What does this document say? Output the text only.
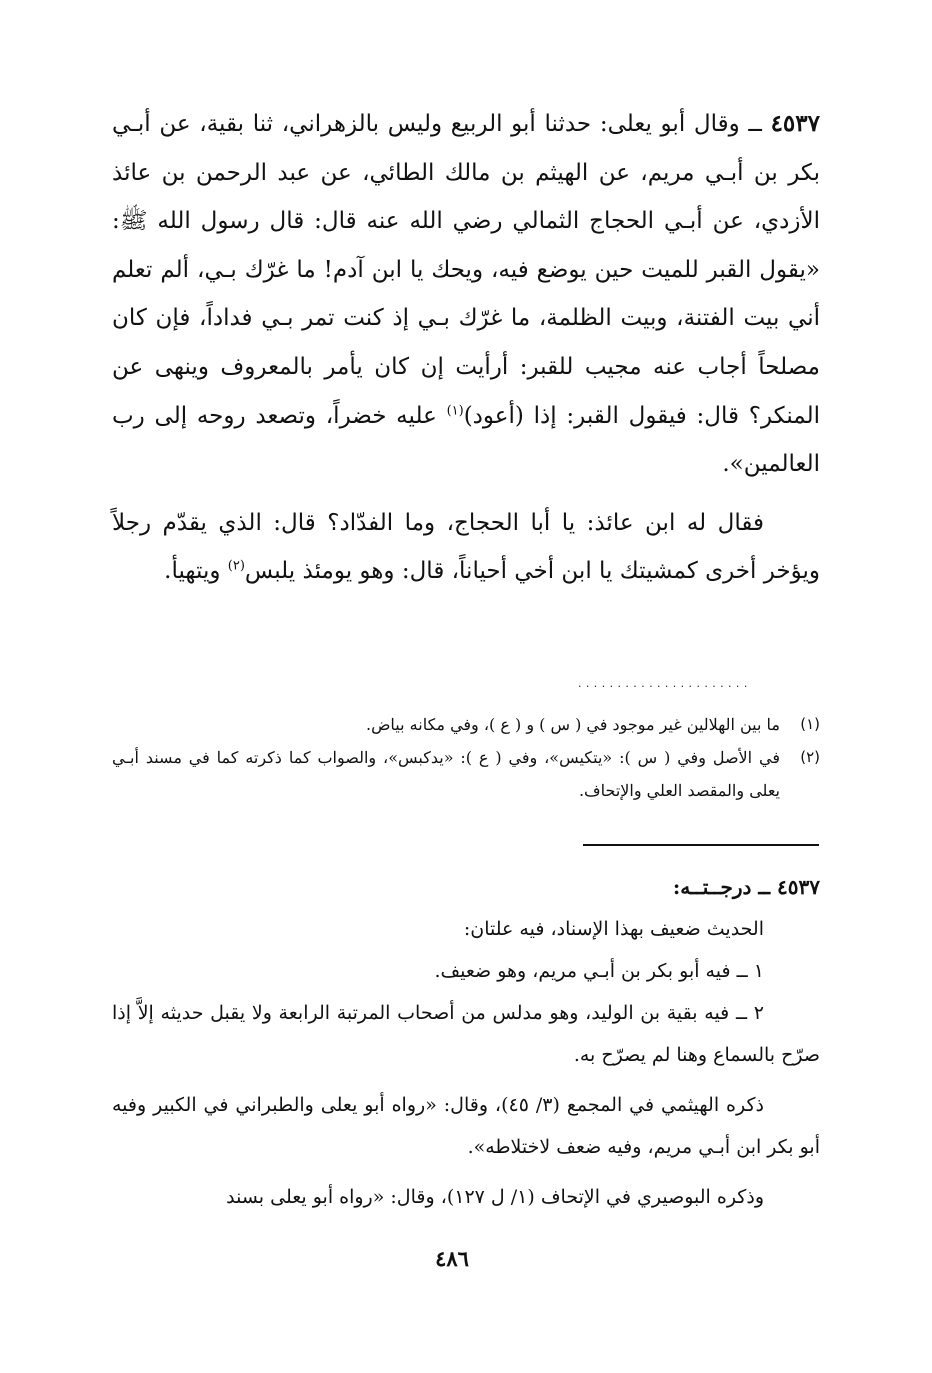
٤٥٣٧ ــ وقال أبو يعلى: حدثنا أبو الربيع وليس بالزهراني، ثنا بقية، عن أبـي بكر بن أبـي مريم، عن الهيثم بن مالك الطائي، عن عبد الرحمن بن عائذ الأزدي، عن أبـي الحجاج الثمالي رضي الله عنه قال: قال رسول الله ﷺ: «يقول القبر للميت حين يوضع فيه، ويحك يا ابن آدم! ما غرّك بـي، ألم تعلم أني بيت الفتنة، وبيت الظلمة، ما غرّك بـي إذ كنت تمر بـي فداداً، فإن كان مصلحاً أجاب عنه مجيب للقبر: أرأيت إن كان يأمر بالمعروف وينهى عن المنكر؟ قال: فيقول القبر: إذا (أعود)$^{(١)}$ عليه خضراً، وتصعد روحه إلى رب العالمين».

فقال له ابن عائذ: يا أبا الحجاج، وما الفدّاد؟ قال: الذي يقدّم رجلاً ويؤخر أخرى كمشيتك يا ابن أخي أحياناً، قال: وهو يومئذ يلبس$^{(٢)}$ ويتهيأ.

......................
(١)
ما بين الهلالين غير موجود في ( س ) و ( ع )، وفي مكانه بياض.
(٢)
في الأصل وفي ( س ): «يتكيس»، وفي ( ع ): «يدكبس»، والصواب كما ذكرته كما في مسند أبـي يعلى والمقصد العلي والإتحاف.

٤٥٣٧ ــ درجــتــه:

الحديث ضعيف بهذا الإسناد، فيه علتان:

١ ــ فيه أبو بكر بن أبـي مريم، وهو ضعيف.

٢ ــ فيه بقية بن الوليد، وهو مدلس من أصحاب المرتبة الرابعة ولا يقبل حديثه إلاَّ إذا صرّح بالسماع وهنا لم يصرّح به.

ذكره الهيثمي في المجمع (٣/ ٤٥)، وقال: «رواه أبو يعلى والطبراني في الكبير وفيه أبو بكر ابن أبـي مريم، وفيه ضعف لاختلاطه».

وذكره البوصيري في الإتحاف (١/ ل ١٢٧)، وقال: «رواه أبو يعلى بسند

٤٨٦
